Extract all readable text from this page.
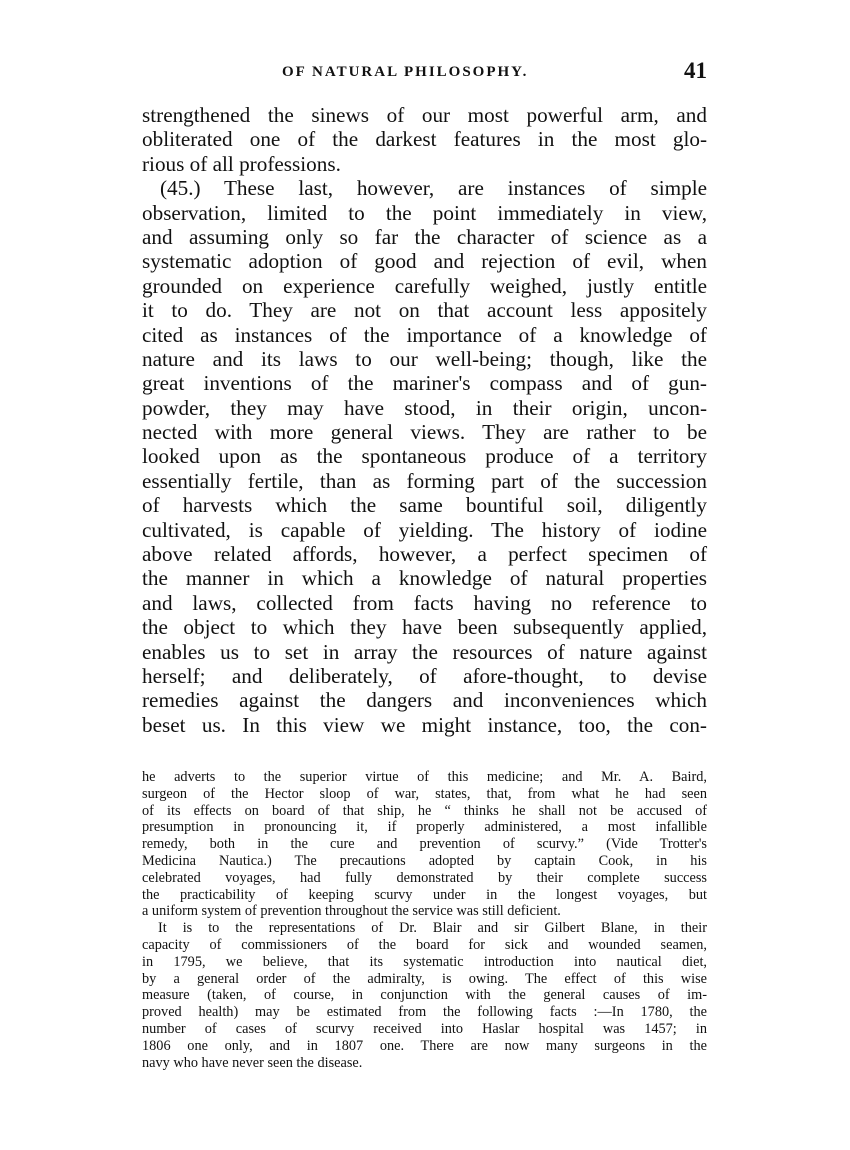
OF NATURAL PHILOSOPHY.	41
strengthened the sinews of our most powerful arm, and
obliterated one of the darkest features in the most glo-
rious of all professions.
(45.) These last, however, are instances of simple
observation, limited to the point immediately in view,
and assuming only so far the character of science as a
systematic adoption of good and rejection of evil, when
grounded on experience carefully weighed, justly entitle
it to do. They are not on that account less appositely
cited as instances of the importance of a knowledge of
nature and its laws to our well-being; though, like the
great inventions of the mariner's compass and of gun-
powder, they may have stood, in their origin, uncon-
nected with more general views. They are rather to be
looked upon as the spontaneous produce of a territory
essentially fertile, than as forming part of the succession
of harvests which the same bountiful soil, diligently
cultivated, is capable of yielding. The history of iodine
above related affords, however, a perfect specimen of
the manner in which a knowledge of natural properties
and laws, collected from facts having no reference to
the object to which they have been subsequently applied,
enables us to set in array the resources of nature against
herself; and deliberately, of afore-thought, to devise
remedies against the dangers and inconveniences which
beset us. In this view we might instance, too, the con-
he adverts to the superior virtue of this medicine; and Mr. A. Baird,
surgeon of the Hector sloop of war, states, that, from what he had seen
of its effects on board of that ship, he “ thinks he shall not be accused of
presumption in pronouncing it, if properly administered, a most infallible
remedy, both in the cure and prevention of scurvy.” (Vide Trotter's
Medicina Nautica.) The precautions adopted by captain Cook, in his
celebrated voyages, had fully demonstrated by their complete success
the practicability of keeping scurvy under in the longest voyages, but
a uniform system of prevention throughout the service was still deficient.
It is to the representations of Dr. Blair and sir Gilbert Blane, in their
capacity of commissioners of the board for sick and wounded seamen,
in 1795, we believe, that its systematic introduction into nautical diet,
by a general order of the admiralty, is owing. The effect of this wise
measure (taken, of course, in conjunction with the general causes of im-
proved health) may be estimated from the following facts :—In 1780, the
number of cases of scurvy received into Haslar hospital was 1457; in
1806 one only, and in 1807 one. There are now many surgeons in the
navy who have never seen the disease.
